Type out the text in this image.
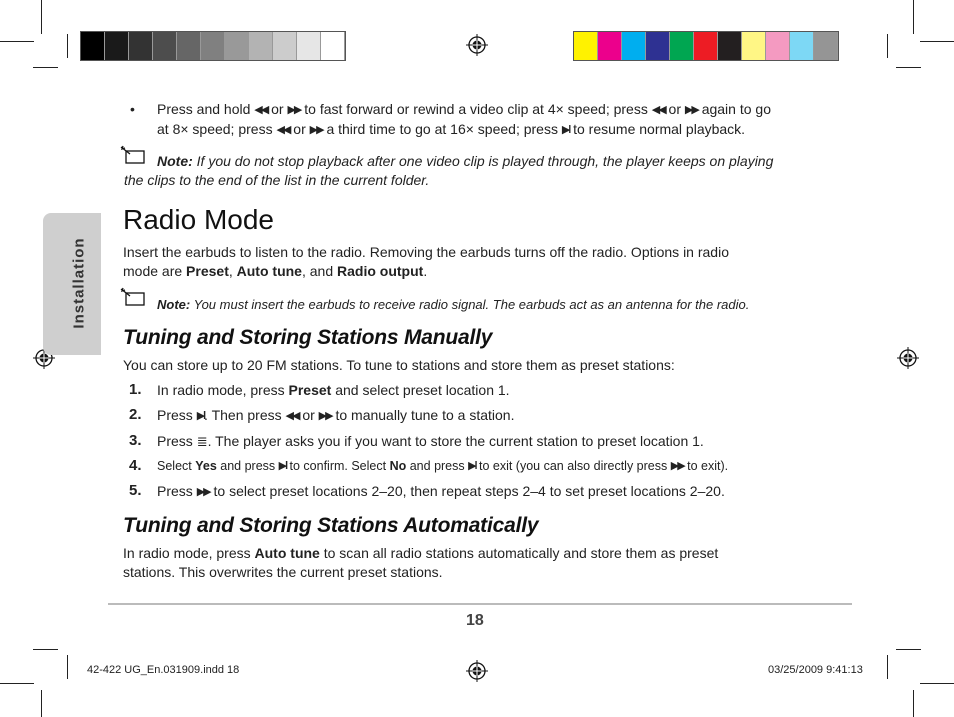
Installation
• Press and hold ◀◀ or ▶▶ to fast forward or rewind a video clip at 4× speed; press ◀◀ or ▶▶ again to go
at 8× speed; press ◀◀ or ▶▶ a third time to go at 16× speed; press ▶ll to resume normal playback.
Note: If you do not stop playback after one video clip is played through, the player keeps on playing
the clips to the end of the list in the current folder.
Radio Mode
Insert the earbuds to listen to the radio. Removing the earbuds turns off the radio. Options in radio
mode are Preset, Auto tune, and Radio output.
Note: You must insert the earbuds to receive radio signal. The earbuds act as an antenna for the radio.
Tuning and Storing Stations Manually
You can store up to 20 FM stations. To tune to stations and store them as preset stations:
1. In radio mode, press Preset and select preset location 1.
2. Press ▶ll. Then press ◀◀ or ▶▶ to manually tune to a station.
3. Press ≣. The player asks you if you want to store the current station to preset location 1.
4. Select Yes and press ▶ll to confirm. Select No and press ▶ll to exit (you can also directly press ▶▶ to exit).
5. Press ▶▶ to select preset locations 2–20, then repeat steps 2–4 to set preset locations 2–20.
Tuning and Storing Stations Automatically
In radio mode, press Auto tune to scan all radio stations automatically and store them as preset
stations. This overwrites the current preset stations.
18
42-422 UG_En.031909.indd 18	03/25/2009 9:41:13
